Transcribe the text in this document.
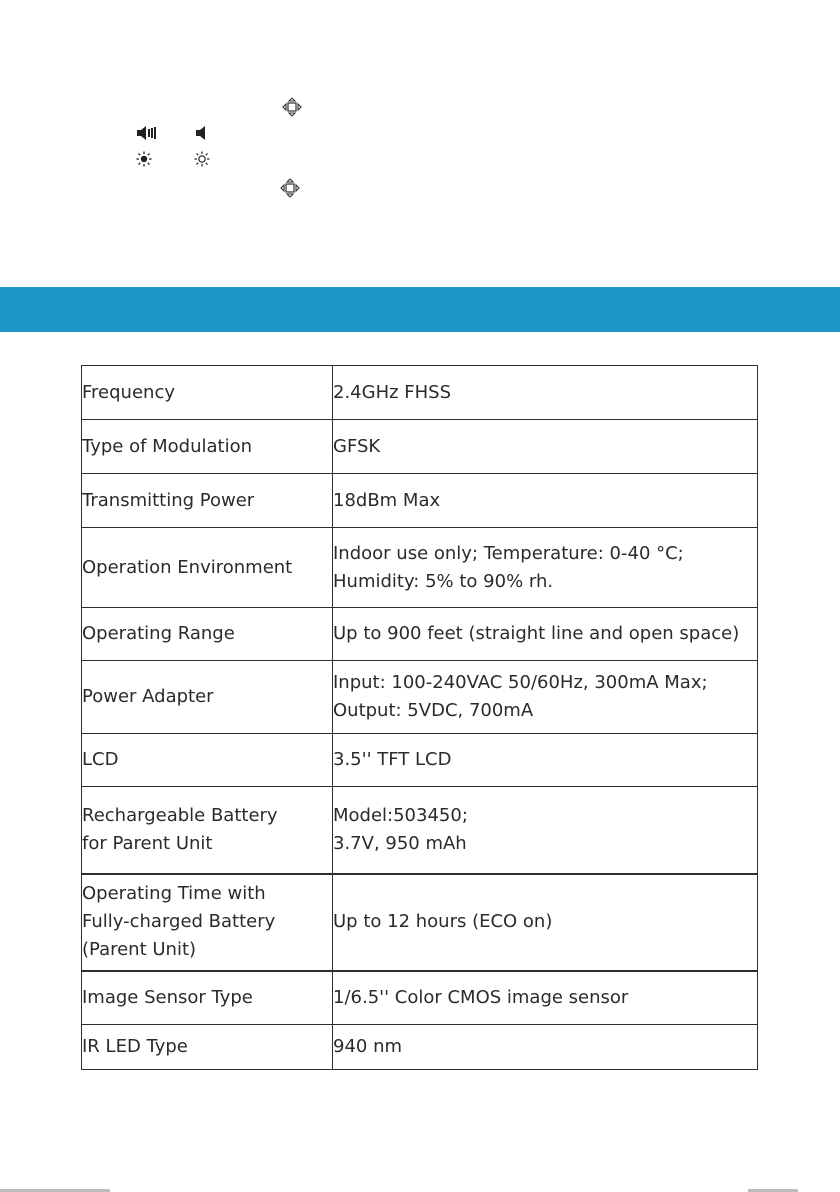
Frequency	2.4GHz FHSS

Type of Modulation	GFSK

Transmitting Power	18dBm Max

Operation Environment	Indoor use only; Temperature: 0-40 °C;
Humidity: 5% to 90% rh.

Operating Range	Up to 900 feet (straight line and open space)

Power Adapter	Input: 100-240VAC 50/60Hz, 300mA Max;
Output: 5VDC, 700mA

LCD	3.5'' TFT LCD

Rechargeable Battery
for Parent Unit	Model:503450;
3.7V, 950 mAh

Operating Time with
Fully-charged Battery
(Parent Unit)	Up to 12 hours (ECO on)

Image Sensor Type	1/6.5'' Color CMOS image sensor

IR LED Type	940 nm
